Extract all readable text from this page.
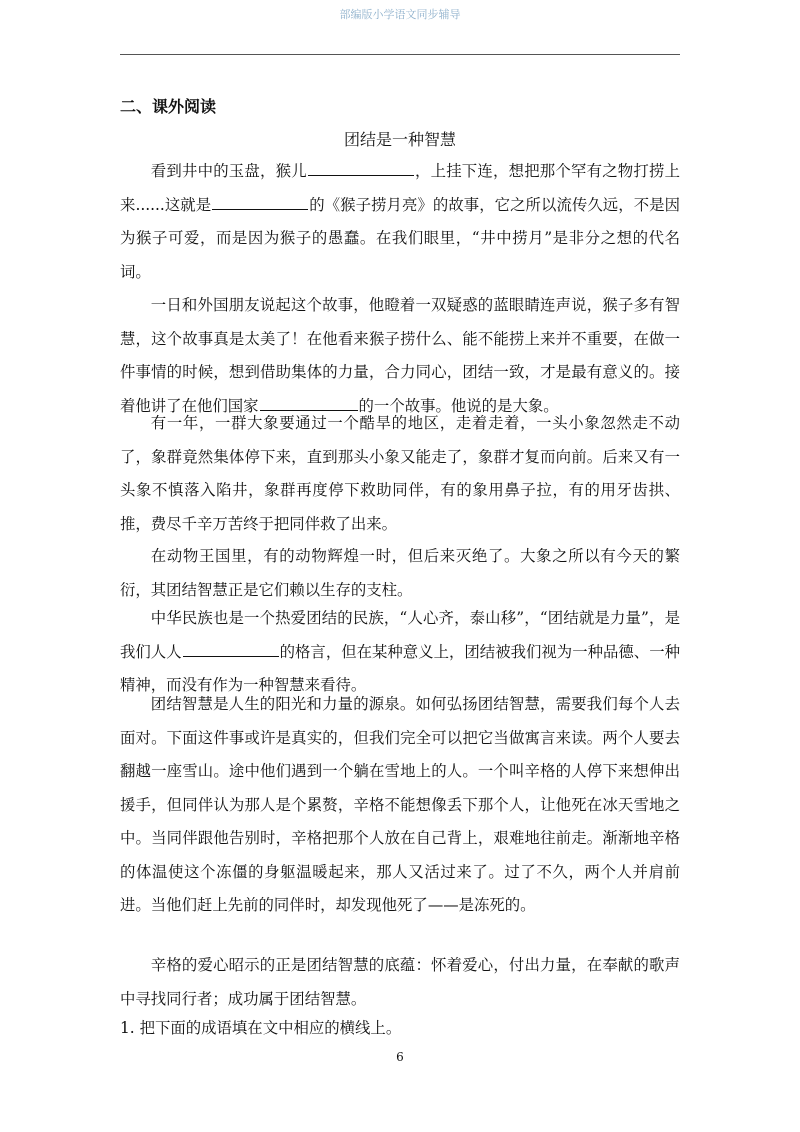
部编版小学语文同步辅导
二、课外阅读
团结是一种智慧

看到井中的玉盘，猴儿	，上挂下连，想把那个罕有之物打捞上来......这就是	的《猴子捞月亮》的故事，它之所以流传久远，不是因为猴子可爱，而是因为猴子的愚蠢。在我们眼里，“井中捞月”是非分之想的代名词。

一日和外国朋友说起这个故事，他瞪着一双疑惑的蓝眼睛连声说，猴子多有智慧，这个故事真是太美了！在他看来猴子捞什么、能不能捞上来并不重要，在做一件事情的时候，想到借助集体的力量，合力同心，团结一致，才是最有意义的。接着他讲了在他们国家	的一个故事。他说的是大象。

有一年，一群大象要通过一个酷旱的地区，走着走着，一头小象忽然走不动了，象群竟然集体停下来，直到那头小象又能走了，象群才复而向前。后来又有一头象不慎落入陷井，象群再度停下救助同伴，有的象用鼻子拉，有的用牙齿拱、推，费尽千辛万苦终于把同伴救了出来。

在动物王国里，有的动物辉煌一时，但后来灭绝了。大象之所以有今天的繁衍，其团结智慧正是它们赖以生存的支柱。

中华民族也是一个热爱团结的民族，“人心齐，泰山移”，“团结就是力量”，是我们人人	的格言，但在某种意义上，团结被我们视为一种品德、一种精神，而没有作为一种智慧来看待。

团结智慧是人生的阳光和力量的源泉。如何弘扬团结智慧，需要我们每个人去面对。下面这件事或许是真实的，但我们完全可以把它当做寓言来读。两个人要去翻越一座雪山。途中他们遇到一个躺在雪地上的人。一个叫辛格的人停下来想伸出援手，但同伴认为那人是个累赘，辛格不能想像丢下那个人，让他死在冰天雪地之中。当同伴跟他告别时，辛格把那个人放在自己背上，艰难地往前走。渐渐地辛格的体温使这个冻僵的身躯温暖起来，那人又活过来了。过了不久，两个人并肩前进。当他们赶上先前的同伴时，却发现他死了——是冻死的。

辛格的爱心昭示的正是团结智慧的底蕴：怀着爱心，付出力量，在奉献的歌声中寻找同行者；成功属于团结智慧。

1. 把下面的成语填在文中相应的横线上。

6
